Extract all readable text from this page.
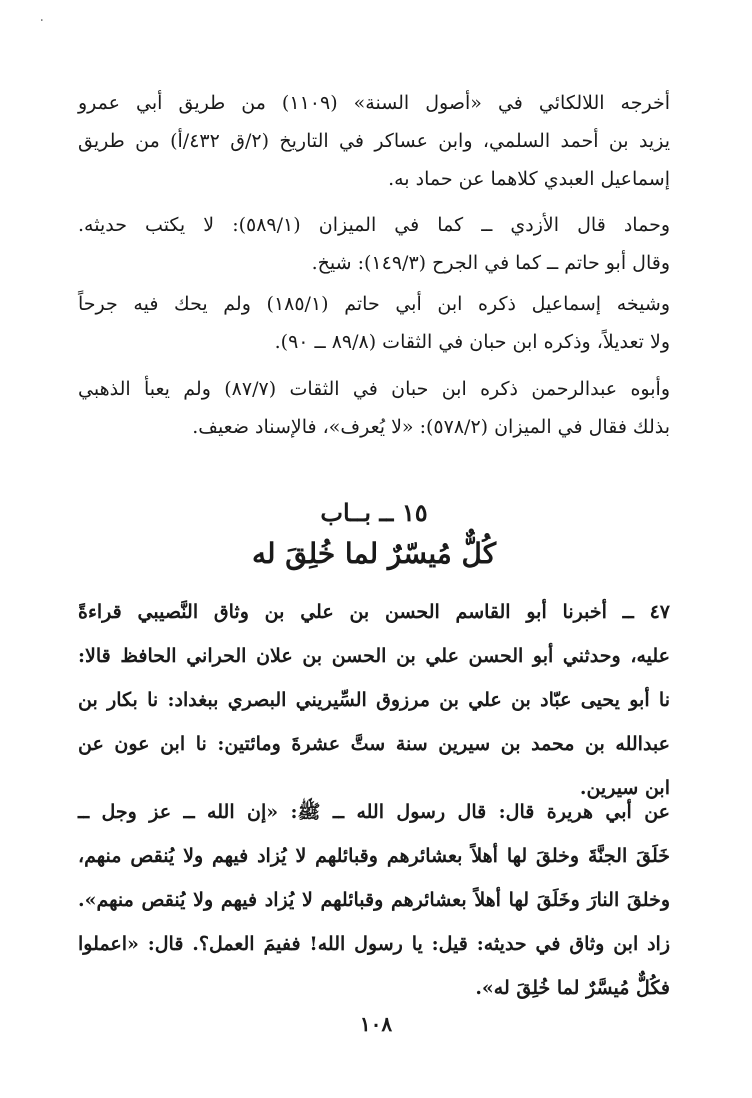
٠

أخرجه اللالكائي في «أصول السنة» (١١٠٩) من طريق أبي عمرو
يزيد بن أحمد السلمي، وابن عساكر في التاريخ (٢/ق ٤٣٢/أ) من طريق
إسماعيل العبدي كلاهما عن حماد به.

وحماد قال الأزدي ــ كما في الميزان (٥٨٩/١): لا يكتب حديثه.
وقال أبو حاتم ــ كما في الجرح (١٤٩/٣): شيخ.

وشيخه إسماعيل ذكره ابن أبي حاتم (١٨٥/١) ولم يحك فيه جرحاً
ولا تعديلاً، وذكره ابن حبان في الثقات (٨٩/٨ ــ ٩٠).

وأبوه عبدالرحمن ذكره ابن حبان في الثقات (٨٧/٧) ولم يعبأ الذهبي
بذلك فقال في الميزان (٥٧٨/٢): «لا يُعرف»، فالإسناد ضعيف.

١٥ ــ بــاب
كُلٌّ مُيسّرٌ لما خُلِقَ له

٤٧ ــ أخبرنا أبو القاسم الحسن بن علي بن وثاق النَّصيبي قراءةً
عليه، وحدثني أبو الحسن علي بن الحسن بن علان الحراني الحافظ قالا:
نا أبو يحيى عبّاد بن علي بن مرزوق السِّيريني البصري ببغداد: نا بكار بن
عبدالله بن محمد بن سيرين سنة ستَّ عشرةَ ومائتين: نا ابن عون عن
ابن سيرين.

عن أبي هريرة قال: قال رسول الله ــ ﷺ: «إن الله ــ عز وجل ــ
خَلَقَ الجنَّةَ وخلقَ لها أهلاً بعشائرهم وقبائلهم لا يُزاد فيهم ولا يُنقص منهم،
وخلقَ النارَ وخَلَقَ لها أهلاً بعشائرهم وقبائلهم لا يُزاد فيهم ولا يُنقص منهم».
زاد ابن وثاق في حديثه: قيل: يا رسول الله! ففيمَ العمل؟. قال: «اعملوا
فكُلٌّ مُيسَّرٌ لما خُلِقَ له».

١٠٨
